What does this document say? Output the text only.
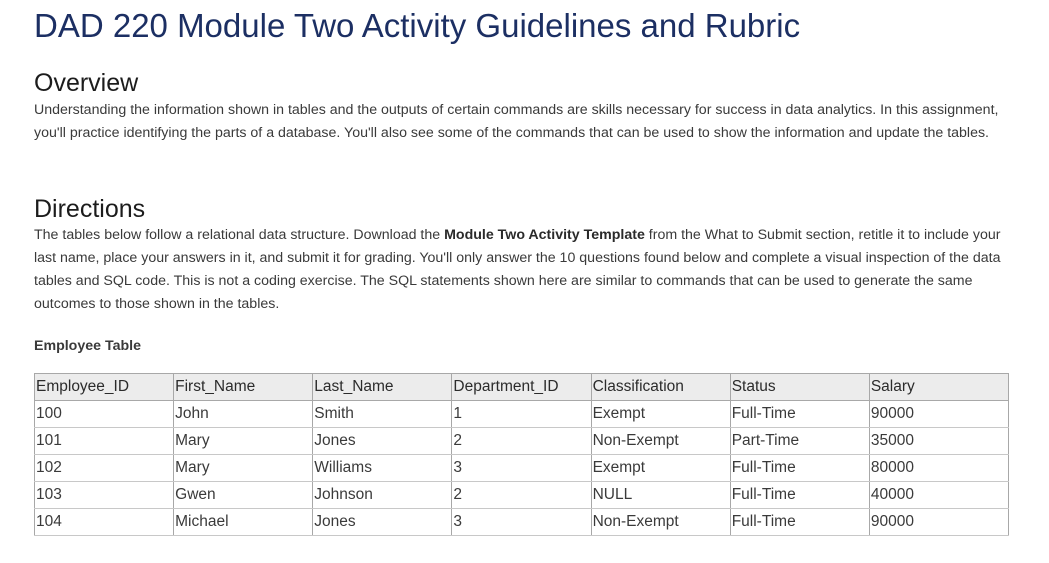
DAD 220 Module Two Activity Guidelines and Rubric
Overview

Understanding the information shown in tables and the outputs of certain commands are skills necessary for success in data analytics. In this assignment, you'll practice identifying the parts of a database. You'll also see some of the commands that can be used to show the information and update the tables.

Directions

The tables below follow a relational data structure. Download the Module Two Activity Template from the What to Submit section, retitle it to include your last name, place your answers in it, and submit it for grading. You'll only answer the 10 questions found below and complete a visual inspection of the data tables and SQL code. This is not a coding exercise. The SQL statements shown here are similar to commands that can be used to generate the same outcomes to those shown in the tables.

Employee Table
Employee_ID	First_Name	Last_Name	Department_ID	Classification	Status	Salary
100	John	Smith	1	Exempt	Full-Time	90000
101	Mary	Jones	2	Non-Exempt	Part-Time	35000
102	Mary	Williams	3	Exempt	Full-Time	80000
103	Gwen	Johnson	2	NULL	Full-Time	40000
104	Michael	Jones	3	Non-Exempt	Full-Time	90000
